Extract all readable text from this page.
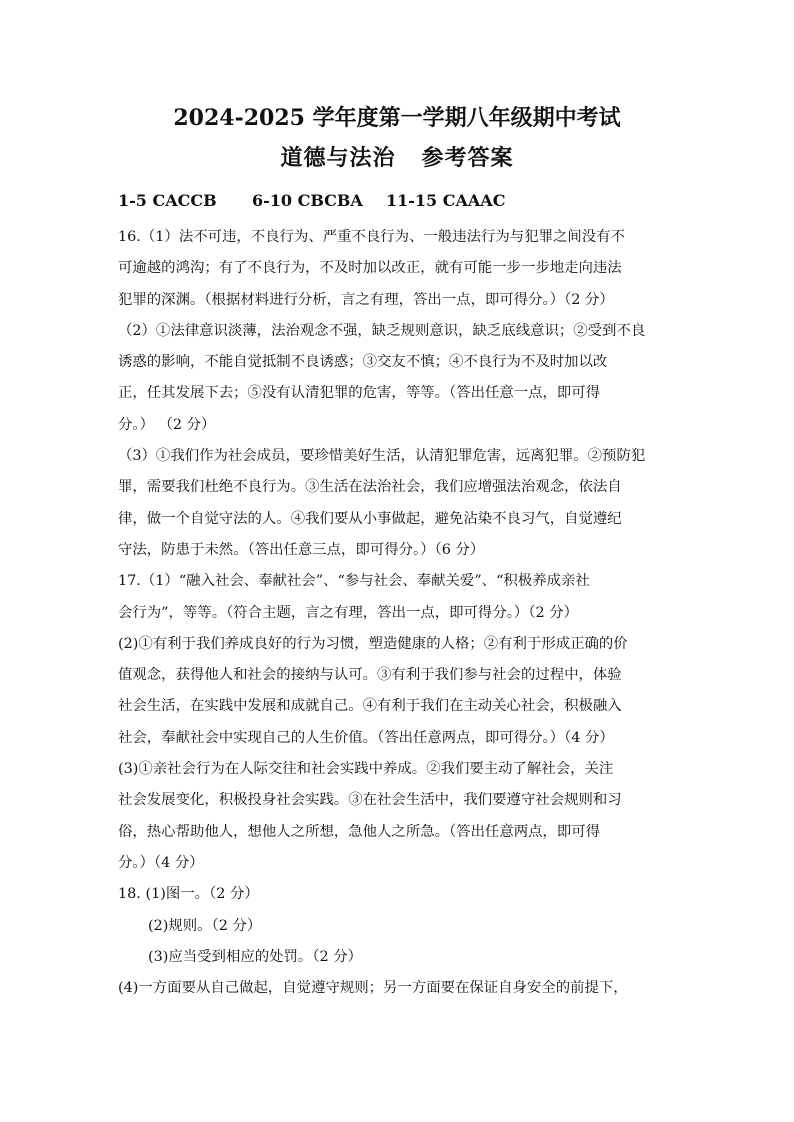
2024-2025 学年度第一学期八年级期中考试
道德与法治 参考答案
1-5 CACCB 6-10 CBCBA 11-15 CAAAC
16.（1）法不可违，不良行为、严重不良行为、一般违法行为与犯罪之间没有不
可逾越的鸿沟；有了不良行为，不及时加以改正，就有可能一步一步地走向违法
犯罪的深渊。（根据材料进行分析，言之有理，答出一点，即可得分。）（2 分）
（2）①法律意识淡薄，法治观念不强，缺乏规则意识，缺乏底线意识；②受到不良
诱惑的影响，不能自觉抵制不良诱惑；③交友不慎；④不良行为不及时加以改
正，任其发展下去；⑤没有认清犯罪的危害，等等。（答出任意一点，即可得
分。） （2 分）
（3）①我们作为社会成员，要珍惜美好生活，认清犯罪危害，远离犯罪。②预防犯
罪，需要我们杜绝不良行为。③生活在法治社会，我们应增强法治观念，依法自
律，做一个自觉守法的人。④我们要从小事做起，避免沾染不良习气，自觉遵纪
守法，防患于未然。（答出任意三点，即可得分。）（6 分）
17.（1）“融入社会、奉献社会”、“参与社会、奉献关爱”、“积极养成亲社
会行为”，等等。（符合主题，言之有理，答出一点，即可得分。）（2 分）
(2)①有利于我们养成良好的行为习惯，塑造健康的人格；②有利于形成正确的价
值观念，获得他人和社会的接纳与认可。③有利于我们参与社会的过程中，体验
社会生活，在实践中发展和成就自己。④有利于我们在主动关心社会，积极融入
社会，奉献社会中实现自己的人生价值。（答出任意两点，即可得分。）（4 分）
(3)①亲社会行为在人际交往和社会实践中养成。②我们要主动了解社会，关注
社会发展变化，积极投身社会实践。③在社会生活中，我们要遵守社会规则和习
俗，热心帮助他人，想他人之所想，急他人之所急。（答出任意两点，即可得
分。）（4 分）
18. (1)图一。（2 分）
(2)规则。（2 分）
(3)应当受到相应的处罚。（2 分）
(4)一方面要从自己做起，自觉遵守规则；另一方面要在保证自身安全的前提下，
